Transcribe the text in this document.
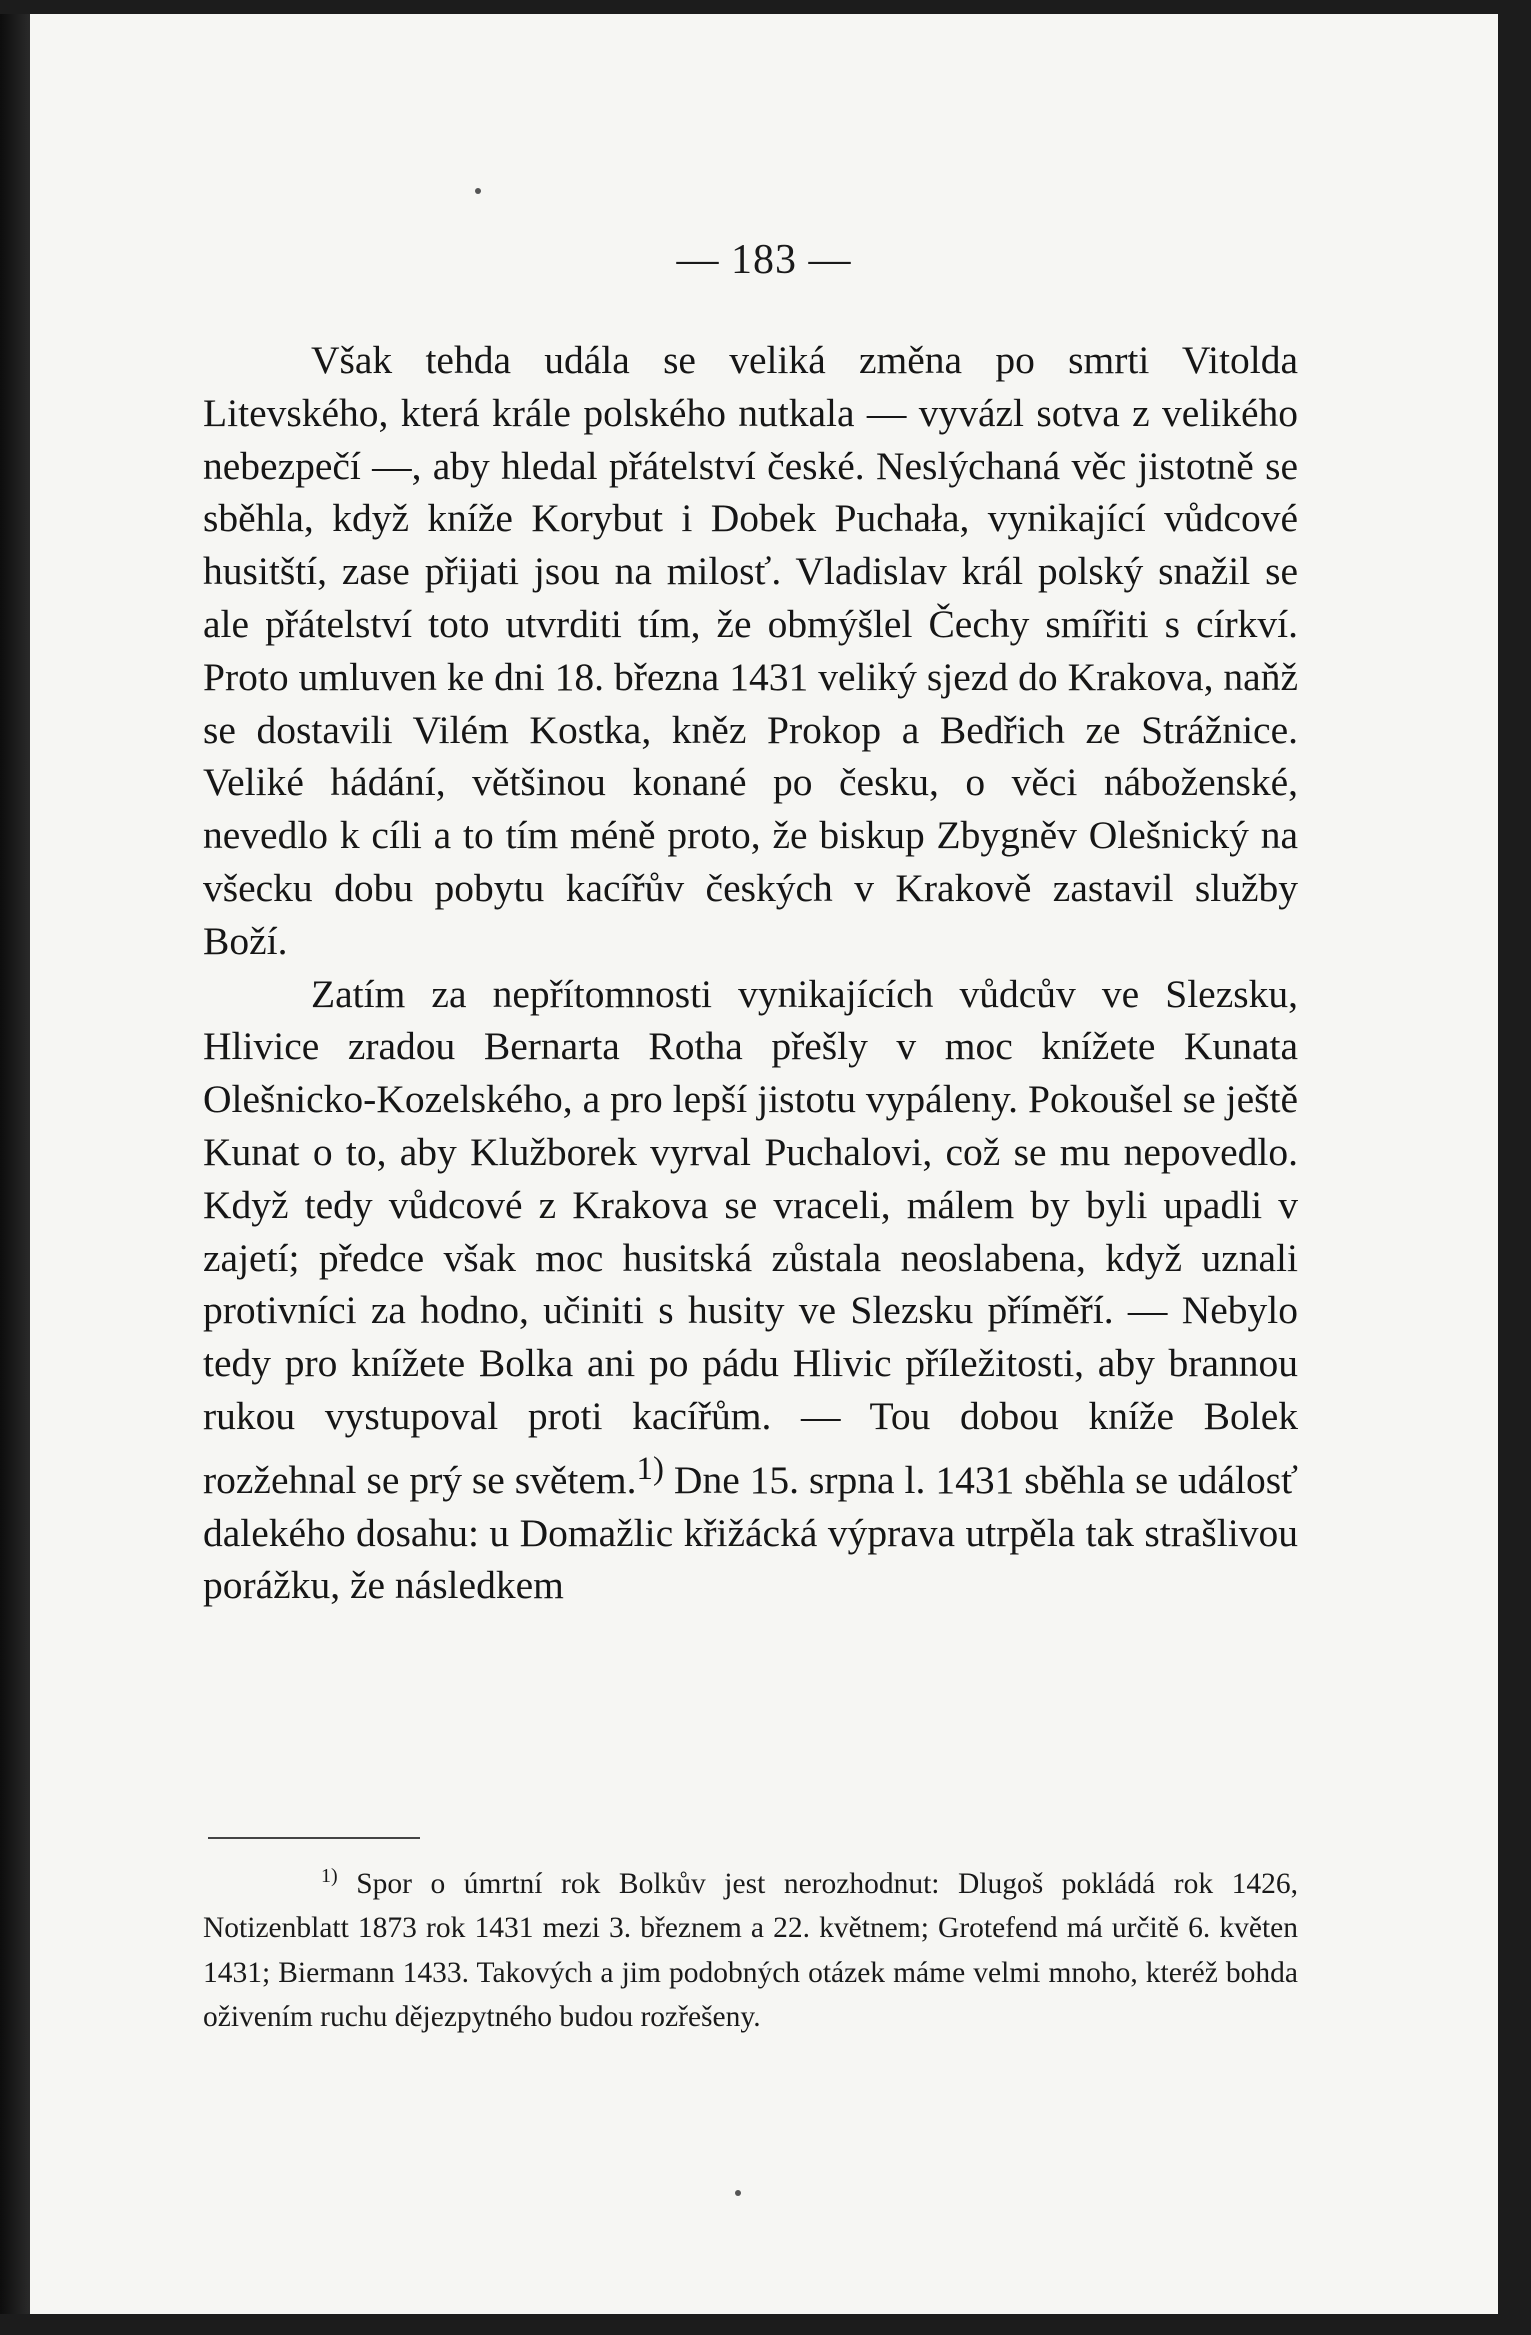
— 183 —

Však tehda udála se veliká změna po smrti Vitolda Litevského, která krále polského nutkala — vyvázl sotva z velikého nebezpečí —, aby hledal přátelství české. Neslýchaná věc jistotně se sběhla, když kníže Korybut i Dobek Puchała, vynikající vůdcové husitští, zase přijati jsou na milosť. Vladislav král polský snažil se ale přátelství toto utvrditi tím, že obmýšlel Čechy smířiti s církví. Proto umluven ke dni 18. března 1431 veliký sjezd do Krakova, naňž se dostavili Vilém Kostka, kněz Prokop a Bedřich ze Strážnice. Veliké hádání, většinou konané po česku, o věci náboženské, nevedlo k cíli a to tím méně proto, že biskup Zbygněv Olešnický na všecku dobu pobytu kacířův českých v Krakově zastavil služby Boží.

Zatím za nepřítomnosti vynikajících vůdcův ve Slezsku, Hlivice zradou Bernarta Rotha přešly v moc knížete Kunata Olešnicko-Kozelského, a pro lepší jistotu vypáleny. Pokoušel se ještě Kunat o to, aby Klužborek vyrval Puchalovi, což se mu nepovedlo. Když tedy vůdcové z Krakova se vraceli, málem by byli upadli v zajetí; předce však moc husitská zůstala neoslabena, když uznali protivníci za hodno, učiniti s husity ve Slezsku příměří. — Nebylo tedy pro knížete Bolka ani po pádu Hlivic příležitosti, aby brannou rukou vystupoval proti kacířům. — Tou dobou kníže Bolek rozžehnal se prý se světem.$^{1)}$ Dne 15. srpna l. 1431 sběhla se událosť dalekého dosahu: u Domažlic křižácká výprava utrpěla tak strašlivou porážku, že následkem

$^{1)}$ Spor o úmrtní rok Bolkův jest nerozhodnut: Dlugoš pokládá rok 1426, Notizenblatt 1873 rok 1431 mezi 3. březnem a 22. květnem; Grotefend má určitě 6. květen 1431; Biermann 1433. Takových a jim podobných otázek máme velmi mnoho, kteréž bohda oživením ruchu dějezpytného budou rozřešeny.
